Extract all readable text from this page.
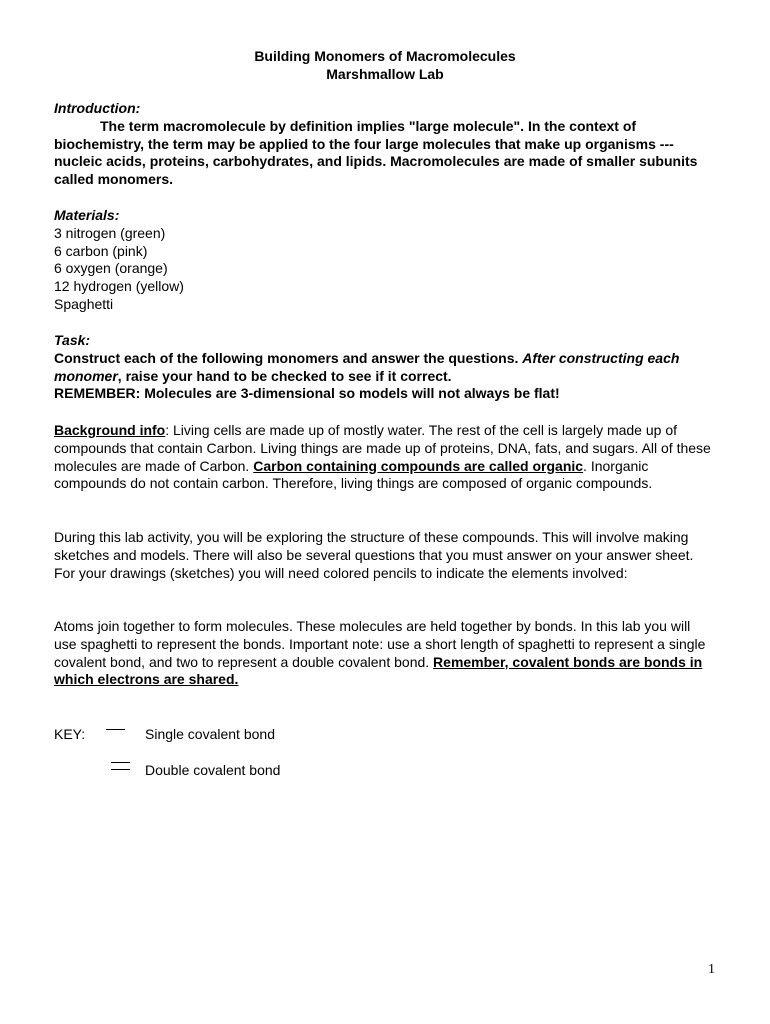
Building Monomers of Macromolecules
Marshmallow Lab
Introduction:
The term macromolecule by definition implies "large molecule". In the context of biochemistry, the term may be applied to the four large molecules that make up organisms --- nucleic acids, proteins, carbohydrates, and lipids. Macromolecules are made of smaller subunits called monomers.
Materials:
3 nitrogen (green)
6 carbon (pink)
6 oxygen (orange)
12 hydrogen (yellow)
Spaghetti
Task:
Construct each of the following monomers and answer the questions. After constructing each monomer, raise your hand to be checked to see if it correct.
REMEMBER: Molecules are 3-dimensional so models will not always be flat!
Background info: Living cells are made up of mostly water. The rest of the cell is largely made up of compounds that contain Carbon. Living things are made up of proteins, DNA, fats, and sugars. All of these molecules are made of Carbon. Carbon containing compounds are called organic. Inorganic compounds do not contain carbon. Therefore, living things are composed of organic compounds.
During this lab activity, you will be exploring the structure of these compounds. This will involve making sketches and models. There will also be several questions that you must answer on your answer sheet. For your drawings (sketches) you will need colored pencils to indicate the elements involved:
Atoms join together to form molecules. These molecules are held together by bonds. In this lab you will use spaghetti to represent the bonds. Important note: use a short length of spaghetti to represent a single covalent bond, and two to represent a double covalent bond. Remember, covalent bonds are bonds in which electrons are shared.
KEY:	Single covalent bond
Double covalent bond
1
